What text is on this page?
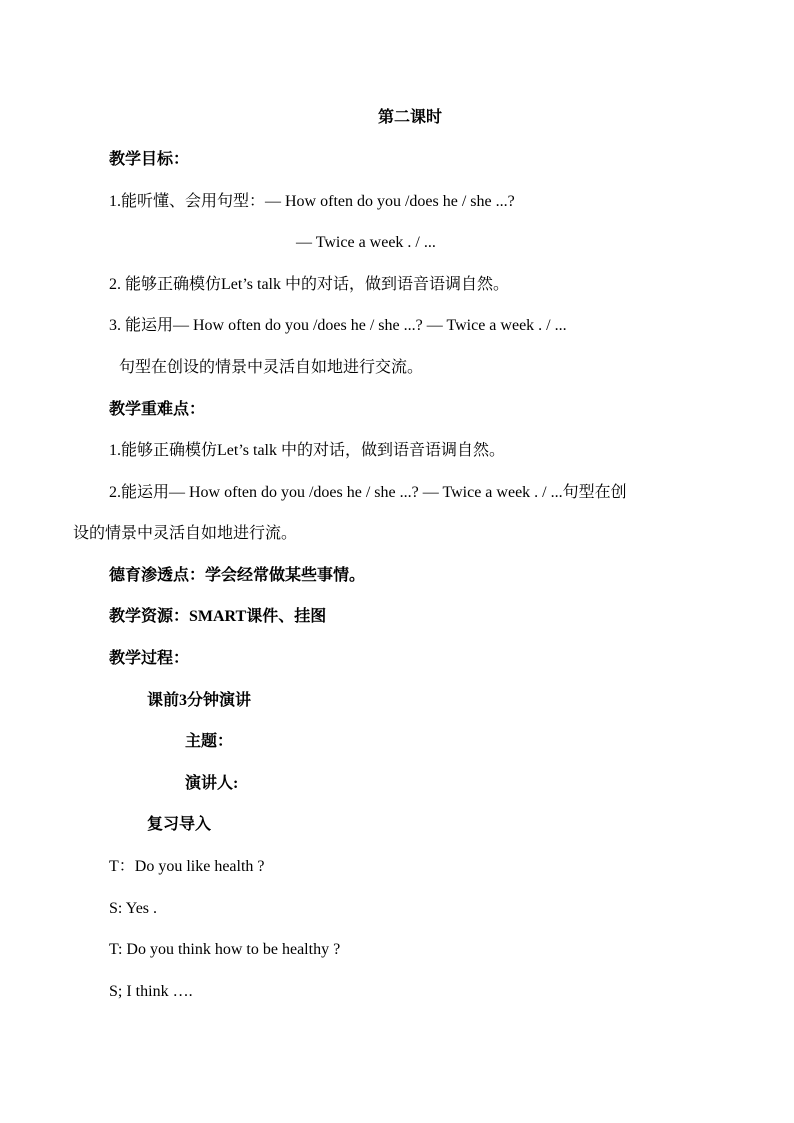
第二课时
教学目标：
1.能听懂、会用句型：— How often do you /does he / she ...?
— Twice a week . / ...
2. 能够正确模仿Let’s talk 中的对话，做到语音语调自然。
3. 能运用— How often do you /does he / she ...? — Twice a week . / ...
句型在创设的情景中灵活自如地进行交流。
教学重难点：
1.能够正确模仿Let’s talk 中的对话，做到语音语调自然。
2.能运用— How often do you /does he / she ...? — Twice a week . / ...句型在创
设的情景中灵活自如地进行流。
德育渗透点：学会经常做某些事情。
教学资源：SMART课件、挂图
教学过程：
课前3分钟演讲
主题：
演讲人:
复习导入
T：Do you like health ?
S: Yes .
T: Do you think how to be healthy ?
S; I think ….
